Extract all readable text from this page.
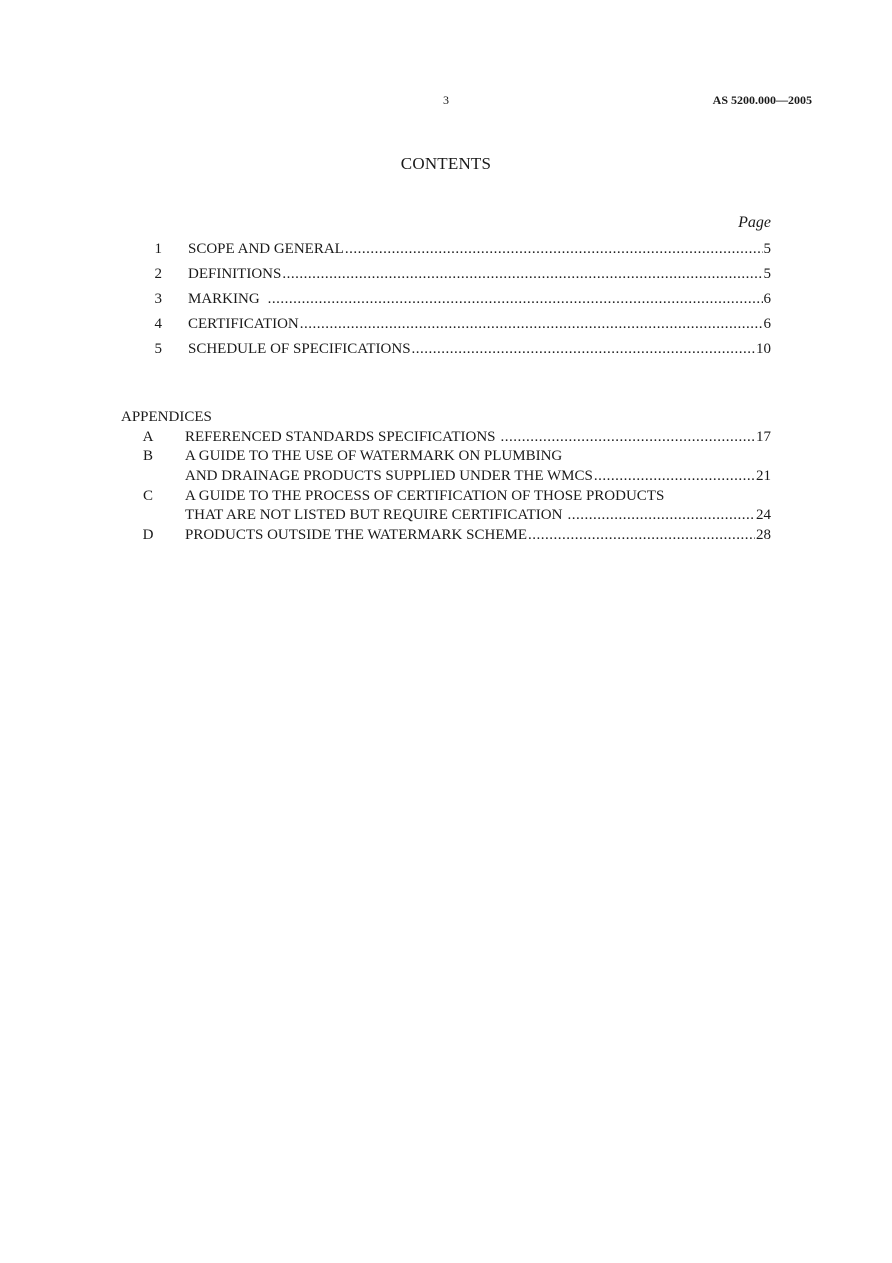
3	AS 5200.000—2005
CONTENTS
Page
1 SCOPE AND GENERAL .....	5
2 DEFINITIONS .....	5
3 MARKING .....	6
4 CERTIFICATION .....	6
5 SCHEDULE OF SPECIFICATIONS .....	10
APPENDICES
A	REFERENCED STANDARDS SPECIFICATIONS .....	17
B	A GUIDE TO THE USE OF WATERMARK ON PLUMBING
AND DRAINAGE PRODUCTS SUPPLIED UNDER THE WMCS .....	21
C	A GUIDE TO THE PROCESS OF CERTIFICATION OF THOSE PRODUCTS
THAT ARE NOT LISTED BUT REQUIRE CERTIFICATION .....	24
D	PRODUCTS OUTSIDE THE WATERMARK SCHEME .....	28
